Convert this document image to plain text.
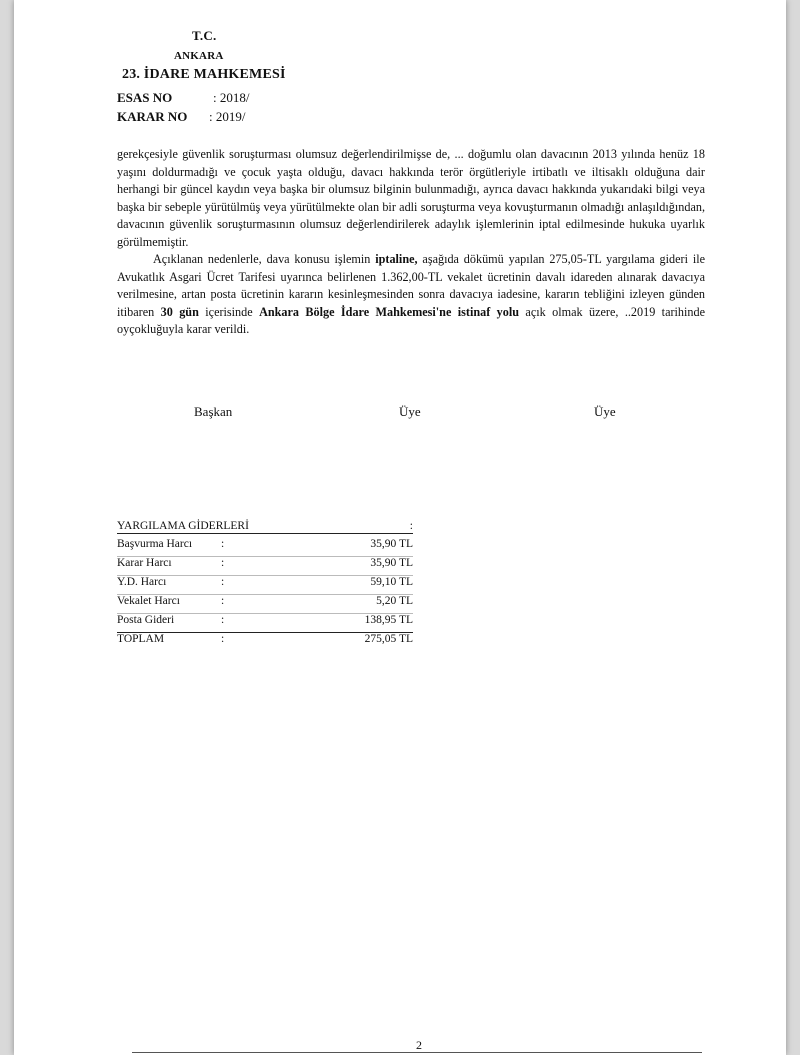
T.C.
ANKARA
23. İDARE MAHKEMESİ
ESAS NO	: 2018/
KARAR NO : 2019/

gerekçesiyle güvenlik soruşturması olumsuz değerlendirilmişse de, ... doğumlu olan davacının 2013 yılında henüz 18 yaşını doldurmadığı ve çocuk yaşta olduğu, davacı hakkında terör örgütleriyle irtibatlı ve iltisaklı olduğuna dair herhangi bir güncel kaydın veya başka bir olumsuz bilginin bulunmadığı, ayrıca davacı hakkında yukarıdaki bilgi veya başka bir sebeple yürütülmüş veya yürütülmekte olan bir adli soruşturma veya kovuşturmanın olmadığı anlaşıldığından, davacının güvenlik soruşturmasının olumsuz değerlendirilerek adaylık işlemlerinin iptal edilmesinde hukuka uyarlık görülmemiştir.

Açıklanan nedenlerle, dava konusu işlemin iptaline, aşağıda dökümü yapılan 275,05-TL yargılama gideri ile Avukatlık Asgari Ücret Tarifesi uyarınca belirlenen 1.362,00-TL vekalet ücretinin davalı idareden alınarak davacıya verilmesine, artan posta ücretinin kararın kesinleşmesinden sonra davacıya iadesine, kararın tebliğini izleyen günden itibaren 30 gün içerisinde Ankara Bölge İdare Mahkemesi'ne istinaf yolu açık olmak üzere, ..2019 tarihinde oyçokluğuyla karar verildi.

Başkan	Üye	Üye
YARGILAMA GİDERLERİ	:
Başvurma Harcı	:	35,90 TL
Karar Harcı	:	35,90 TL
Y.D. Harcı	:	59,10 TL
Vekalet Harcı	:	5,20 TL
Posta Gideri	:	138,95 TL
TOPLAM	:	275,05 TL
2
